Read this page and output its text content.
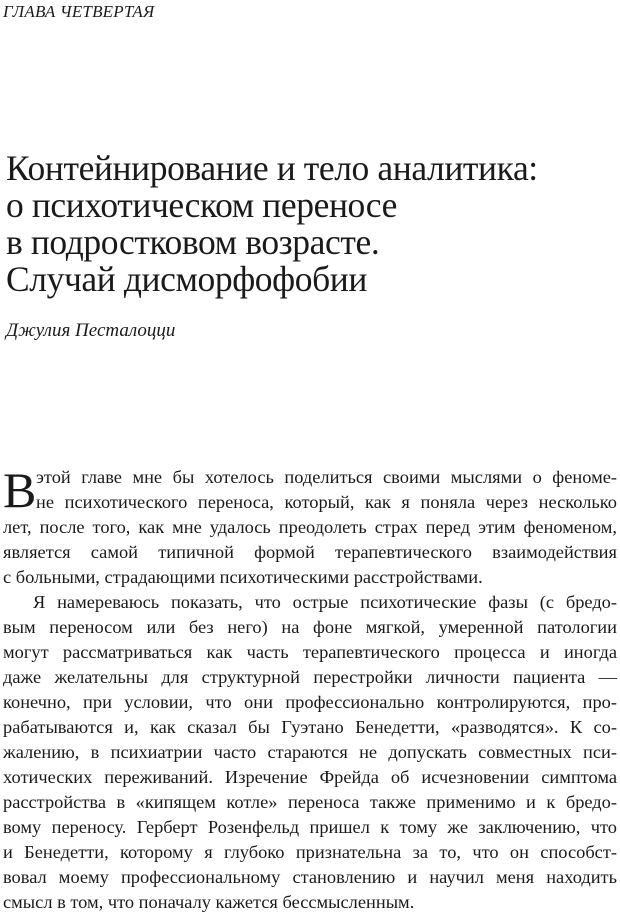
ГЛАВА ЧЕТВЕРТАЯ
Контейнирование и тело аналитика:
о психотическом переносе
в подростковом возрасте.
Случай дисморфофобии
Джулия Песталоцци
В этой главе мне бы хотелось поделиться своими мыслями о феноме-
не психотического переноса, который, как я поняла через несколько
лет, после того, как мне удалось преодолеть страх перед этим феноменом,
является самой типичной формой терапевтического взаимодействия
с больными, страдающими психотическими расстройствами.
Я намереваюсь показать, что острые психотические фазы (с бредо-
вым переносом или без него) на фоне мягкой, умеренной патологии
могут рассматриваться как часть терапевтического процесса и иногда
даже желательны для структурной перестройки личности пациента —
конечно, при условии, что они профессионально контролируются, про-
рабатываются и, как сказал бы Гуэтано Бенедетти, «разводятся». К со-
жалению, в психиатрии часто стараются не допускать совместных пси-
хотических переживаний. Изречение Фрейда об исчезновении симптома
расстройства в «кипящем котле» переноса также применимо и к бредо-
вому переносу. Герберт Розенфельд пришел к тому же заключению, что
и Бенедетти, которому я глубоко признательна за то, что он способст-
вовал моему профессиональному становлению и научил меня находить
смысл в том, что поначалу кажется бессмысленным.
